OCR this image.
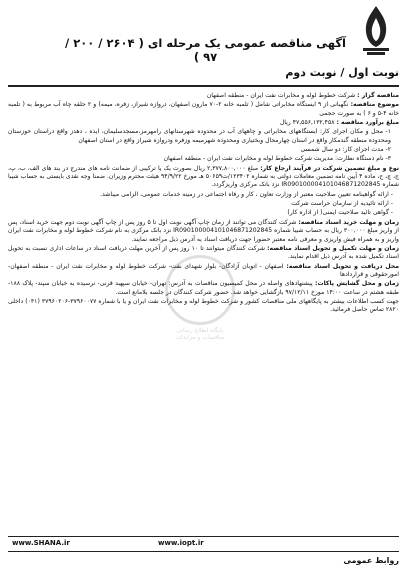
آگهی مناقصه عمومی یک مرحله ای ( ۲۶۰۴ / ۲۰۰ / ۹۷ )
نوبت اول / نوبت دوم

مناقصه گزار : شرکت خطوط لوله و مخابرات نفت ایران - منطقه اصفهان

موضوع مناقصه: نگهبانی از ۹ ایستگاه مخابراتی شامل ( تلمبه خانه ۲-۷۰ مارون اصفهان، دروازه شیراز، زفره، میمه) و ۲ حلقه چاه آب مربوط به ( تلمبه خانه ۴-۵ و ۶ ) به صورت حجمی

مبلغ برآورد مناقصه : ۴۷,۵۵۶,۱۳۲,۴۵۸ ریال

۱- محل و مکان اجرای کار: ایستگاههای مخابراتی و چاههای آب در محدوده شهرستانهای رامهرمز،مسجدسلیمان، ایذه ، دهدز واقع دراستان خوزستان ومحدوده منطقه گندمکار واقع در استان چهارمحال وبختیاری ومحدوده شهرمیمه وزفره ودروازه شیراز واقع در استان اصفهان

۲- مدت اجرای کار: دو سال شمسی

۳- نام دستگاه نظارت: مدیریت شرکت خطوط لوله و مخابرات نفت ایران - منطقه اصفهان

نوع و مبلغ تضمین شرکت در فرآیند ارجاع کار: مبلغ ۲,۳۷۷,۸۰۰,۰۰۰ ریال بصورت یک یا ترکیبی از ضمانت نامه های مندرج در بند های الف، ب، پ، ج، چ، ح، ماده ۴ آیین نامه تضمین معاملات دولتی به شماره ۱۲۳۴۰۲/ت۵۰۶۵۹ هـ مورخ ۹۴/۹/۲۲ هیئت محترم وزیران. ضمنا وجه نقدی بایستی به حساب شیبا شماره IR090100004101046871202845 نزد بانک مرکزی واریزگردد.

- ارائه گواهینامه تعیین صلاحیت معتبر از وزارت تعاون ، کار و رفاه اجتماعی در زمینه خدمات عمومی، الزامی میباشد.

- ارائه تائیدیه از سازمان حراست شرکت

- گواهی تائید صلاحیت ایمنی( از اداره کار)

زمان و مهلت خرید اسناد مناقصه: شرکت کنندگان می توانند از زمان چاپ آگهی نوبت اول تا ۵ روز پس از چاپ آگهی نوبت دوم جهت خرید اسناد، پس از واریز مبلغ ۳۰۰,۰۰۰ ریال به حساب شیبا شماره IR090100004101046871202845 نزد بانک مرکزی به نام شرکت خطوط لوله و مخابرات نفت ایران واریز و به همراه فیش واریزی و معرفی نامه معتبر حضورا جهت دریافت اسناد به آدرس ذیل مراجعه نمایند.

زمان و مهلت تکمیل و تحویل اسناد مناقصه: شرکت کنندگان میتوانند تا ۱۰ روز پس از آخرین مهلت دریافت اسناد در ساعات اداری نسبت به تحویل اسناد تکمیل شده به آدرس ذیل اقدام نمایند.

محل دریافت و تحویل اسناد مناقصه: اصفهان - اتوبان آزادگان- بلوار شهدای نفت- شرکت خطوط لوله و مخابرات نفت ایران - منطقه اصفهان- امورحقوقی و قراردادها

زمان و محل گشایش پاکات: پیشنهادهای واصله در محل کمیسیون مناقصات به آدرس: تهران- خیابان سپهبد قرنی- نرسیده به خیابان سپند- پلاک ۱۸۸- طبقه هشتم در ساعت ۱۴:۰۰ مورخ ۹۷/۱۲/۱۱ بازگشایی خواهد شد. حضور شرکت کنندگان در جلسه بلامانع است.

جهت کسب اطلاعات بیشتر به پایگاههای ملی مناقصات کشور و شرکت خطوط لوله و مخابرات نفت ایران و یا با شماره ۳۷۹۶۰۰۷۷-۳۷۹۶۰۲۰۶ (۰۳۱) داخلی ۲۸۲۰ تماس حاصل فرمائید.

پایگاه اطلاع رسانی
مناقصات و مزایدات
www.iopt.ir
www.SHANA.ir
روابط عمومی
